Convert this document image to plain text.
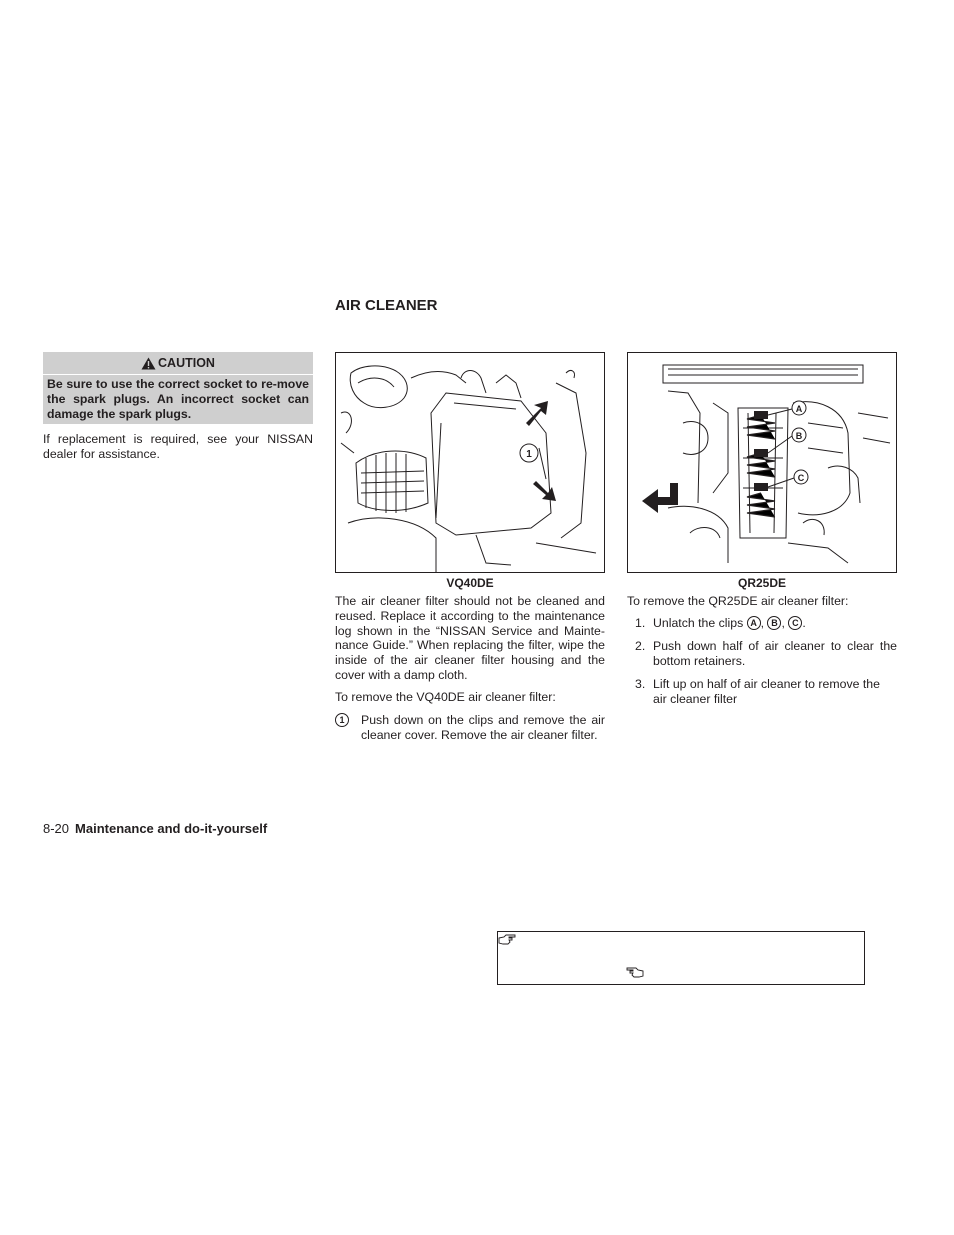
AIR CLEANER
CAUTION
Be sure to use the correct socket to re-move the spark plugs. An incorrect socket can damage the spark plugs.

If replacement is required, see your NISSAN dealer for assistance.	1
VQ40DE

The air cleaner filter should not be cleaned and reused. Replace it according to the maintenance log shown in the “NISSAN Service and Mainte-nance Guide.” When replacing the filter, wipe the inside of the air cleaner filter housing and the cover with a damp cloth.

To remove the VQ40DE air cleaner filter:

1	Push down on the clips and remove the air cleaner cover. Remove the air cleaner filter.
A
B
C
QR25DE

To remove the QR25DE air cleaner filter:

1. Unlatch the clips A , B , C .
2. Push down half of air cleaner to clear the bottom retainers.
3. Lift up on half of air cleaner to remove the air cleaner filter
8-20 Maintenance and do-it-yourself
